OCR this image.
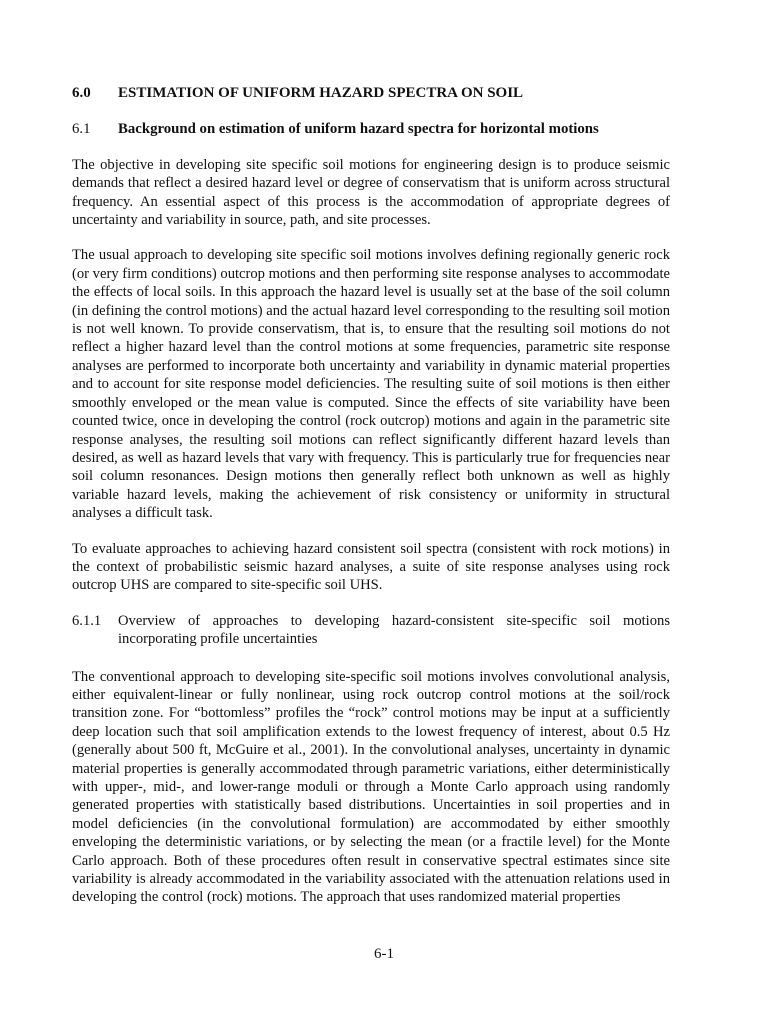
6.0	ESTIMATION OF UNIFORM HAZARD SPECTRA ON SOIL
6.1	Background on estimation of uniform hazard spectra for horizontal motions

The objective in developing site specific soil motions for engineering design is to produce seismic demands that reflect a desired hazard level or degree of conservatism that is uniform across structural frequency. An essential aspect of this process is the accommodation of appropriate degrees of uncertainty and variability in source, path, and site processes.

The usual approach to developing site specific soil motions involves defining regionally generic rock (or very firm conditions) outcrop motions and then performing site response analyses to accommodate the effects of local soils. In this approach the hazard level is usually set at the base of the soil column (in defining the control motions) and the actual hazard level corresponding to the resulting soil motion is not well known. To provide conservatism, that is, to ensure that the resulting soil motions do not reflect a higher hazard level than the control motions at some frequencies, parametric site response analyses are performed to incorporate both uncertainty and variability in dynamic material properties and to account for site response model deficiencies. The resulting suite of soil motions is then either smoothly enveloped or the mean value is computed. Since the effects of site variability have been counted twice, once in developing the control (rock outcrop) motions and again in the parametric site response analyses, the resulting soil motions can reflect significantly different hazard levels than desired, as well as hazard levels that vary with frequency. This is particularly true for frequencies near soil column resonances. Design motions then generally reflect both unknown as well as highly variable hazard levels, making the achievement of risk consistency or uniformity in structural analyses a difficult task.

To evaluate approaches to achieving hazard consistent soil spectra (consistent with rock motions) in the context of probabilistic seismic hazard analyses, a suite of site response analyses using rock outcrop UHS are compared to site-specific soil UHS.

6.1.1	Overview of approaches to developing hazard-consistent site-specific soil motions incorporating profile uncertainties

The conventional approach to developing site-specific soil motions involves convolutional analysis, either equivalent-linear or fully nonlinear, using rock outcrop control motions at the soil/rock transition zone. For “bottomless” profiles the “rock” control motions may be input at a sufficiently deep location such that soil amplification extends to the lowest frequency of interest, about 0.5 Hz (generally about 500 ft, McGuire et al., 2001). In the convolutional analyses, uncertainty in dynamic material properties is generally accommodated through parametric variations, either deterministically with upper-, mid-, and lower-range moduli or through a Monte Carlo approach using randomly generated properties with statistically based distributions. Uncertainties in soil properties and in model deficiencies (in the convolutional formulation) are accommodated by either smoothly enveloping the deterministic variations, or by selecting the mean (or a fractile level) for the Monte Carlo approach. Both of these procedures often result in conservative spectral estimates since site variability is already accommodated in the variability associated with the attenuation relations used in developing the control (rock) motions. The approach that uses randomized material properties

6-1
